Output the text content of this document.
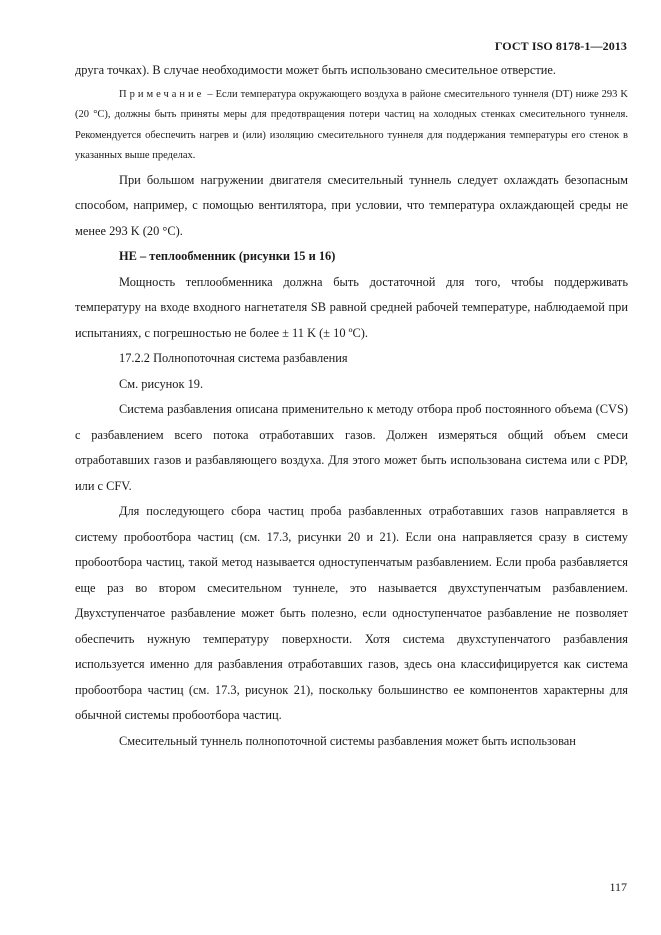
ГОСТ ISO 8178-1—2013

друга точках). В случае необходимости может быть использовано смесительное отверстие.

Примечание – Если температура окружающего воздуха в районе смесительного туннеля (DT) ниже 293 K (20 °C), должны быть приняты меры для предотвращения потери частиц на холодных стенках смесительного туннеля. Рекомендуется обеспечить нагрев и (или) изоляцию смесительного туннеля для поддержания температуры его стенок в указанных выше пределах.

При большом нагружении двигателя смесительный туннель следует охлаждать безопасным способом, например, с помощью вентилятора, при условии, что температура охлаждающей среды не менее 293 K (20 °C).

НЕ – теплообменник (рисунки 15 и 16)

Мощность теплообменника должна быть достаточной для того, чтобы поддерживать температуру на входе входного нагнетателя SB равной средней рабочей температуре, наблюдаемой при испытаниях, с погрешностью не более ± 11 K (± 10 ºC).

17.2.2 Полнопоточная система разбавления

См. рисунок 19.

Система разбавления описана применительно к методу отбора проб постоянного объема (CVS) с разбавлением всего потока отработавших газов. Должен измеряться общий объем смеси отработавших газов и разбавляющего воздуха. Для этого может быть использована система или с PDP, или с CFV.

Для последующего сбора частиц проба разбавленных отработавших газов направляется в систему пробоотбора частиц (см. 17.3, рисунки 20 и 21). Если она направляется сразу в систему пробоотбора частиц, такой метод называется одноступенчатым разбавлением. Если проба разбавляется еще раз во втором смесительном туннеле, это называется двухступенчатым разбавлением. Двухступенчатое разбавление может быть полезно, если одноступенчатое разбавление не позволяет обеспечить нужную температуру поверхности. Хотя система двухступенчатого разбавления используется именно для разбавления отработавших газов, здесь она классифицируется как система пробоотбора частиц (см. 17.3, рисунок 21), поскольку большинство ее компонентов характерны для обычной системы пробоотбора частиц.

Смесительный туннель полнопоточной системы разбавления может быть использован

117
